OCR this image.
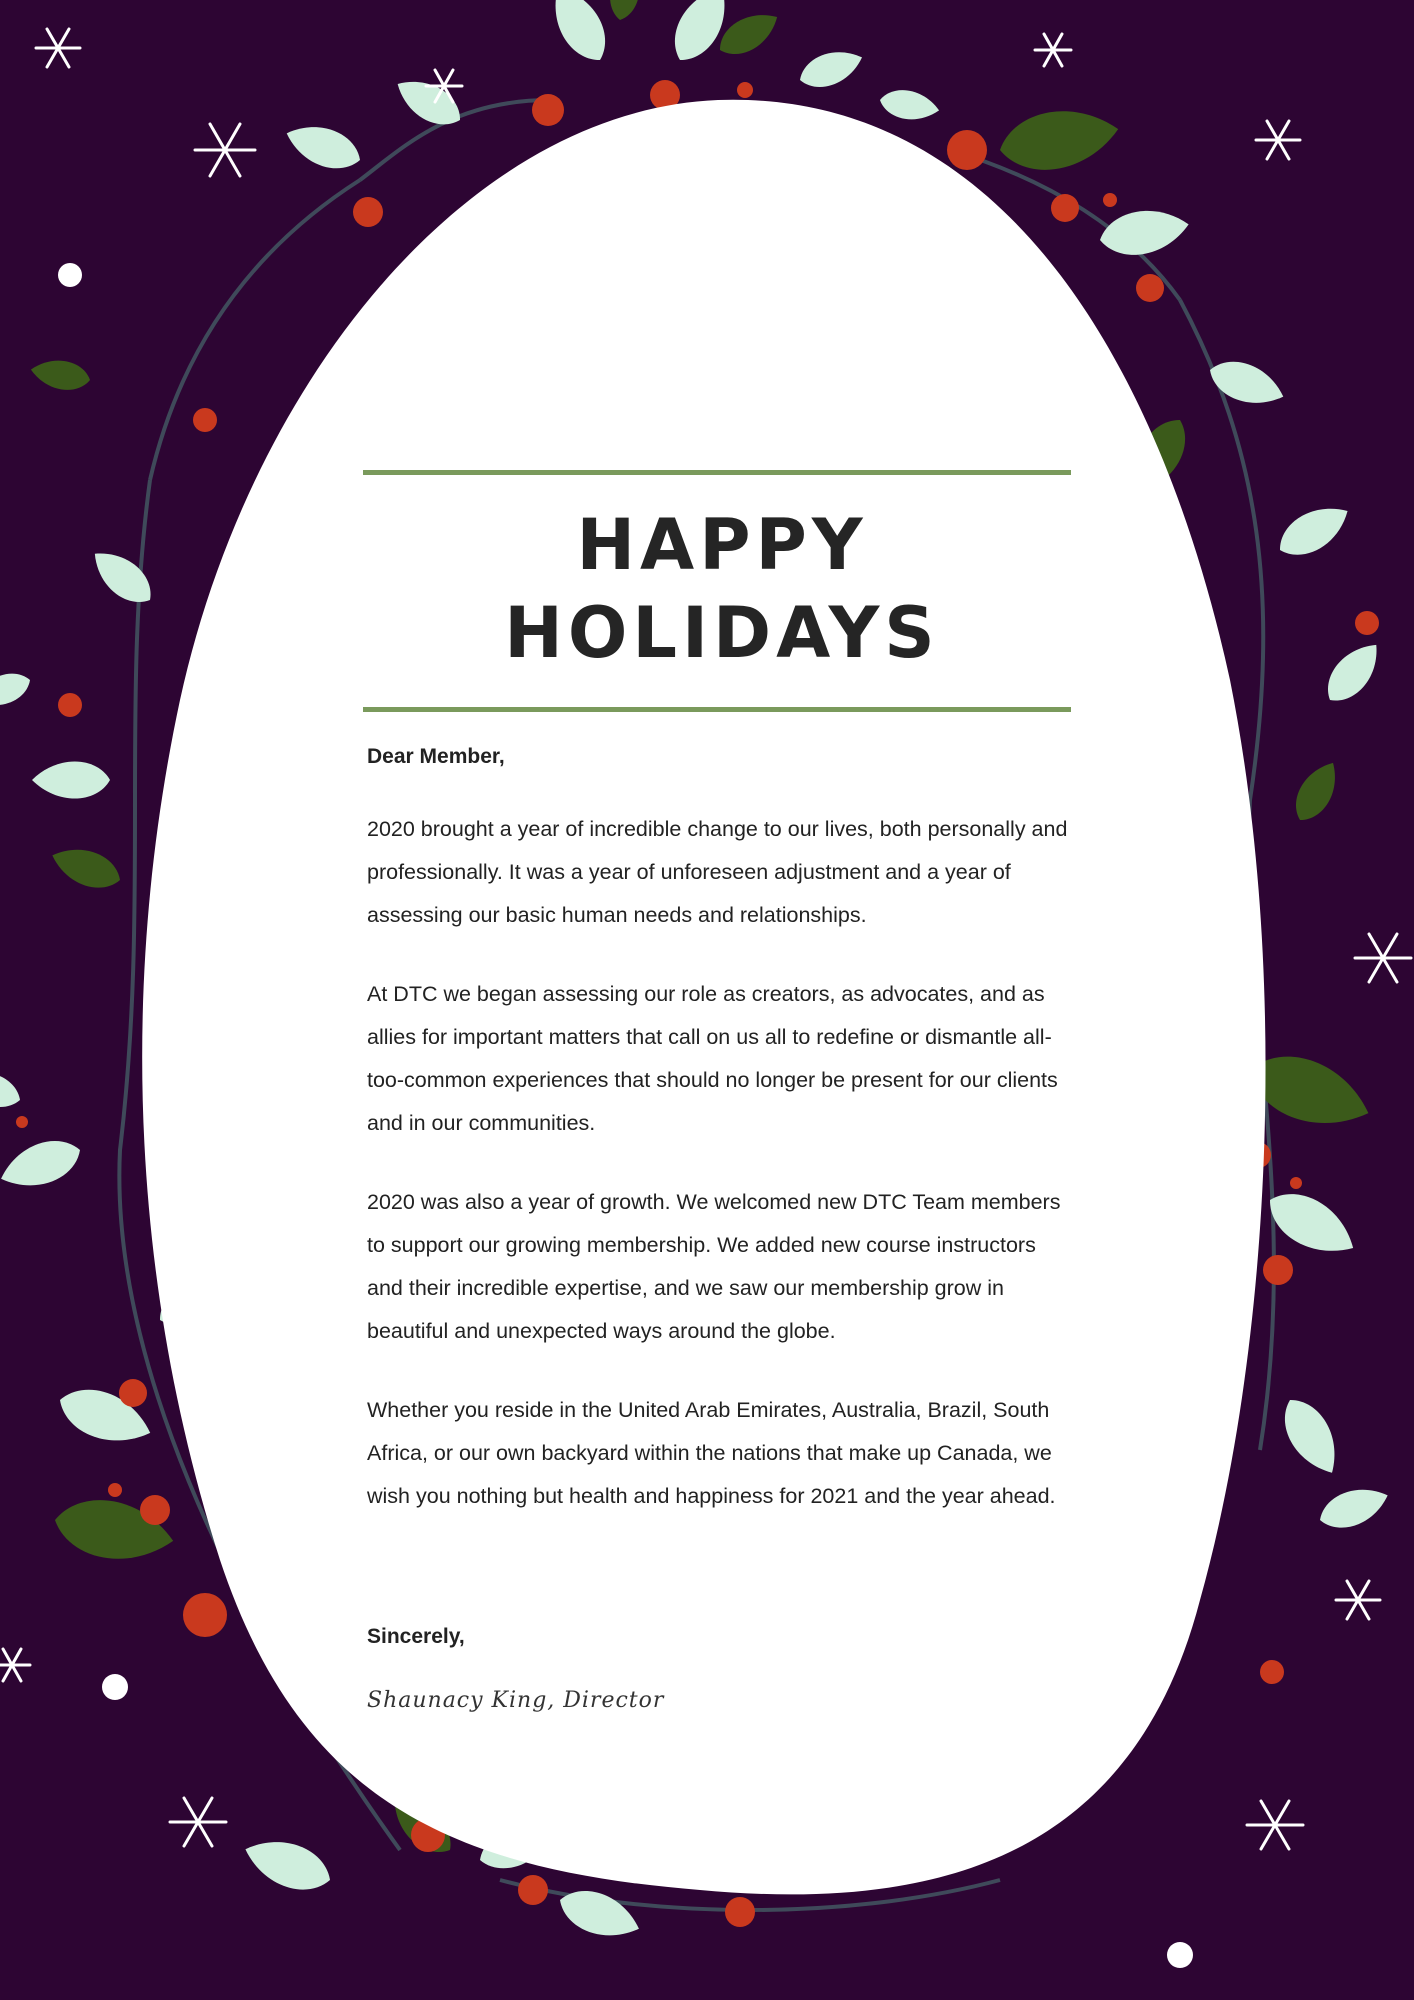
HAPPY HOLIDAYS
Dear Member,
2020 brought a year of incredible change to our lives, both personally and professionally. It was a year of unforeseen adjustment and a year of assessing our basic human needs and relationships.
At DTC we began assessing our role as creators, as advocates, and as allies for important matters that call on us all to redefine or dismantle all-too-common experiences that should no longer be present for our clients and in our communities.
2020 was also a year of growth. We welcomed new DTC Team members to support our growing membership. We added new course instructors and their incredible expertise, and we saw our membership grow in beautiful and unexpected ways around the globe.
Whether you reside in the United Arab Emirates, Australia, Brazil, South Africa, or our own backyard within the nations that make up Canada, we wish you nothing but health and happiness for 2021 and the year ahead.
Sincerely,
Shaunacy King, Director
